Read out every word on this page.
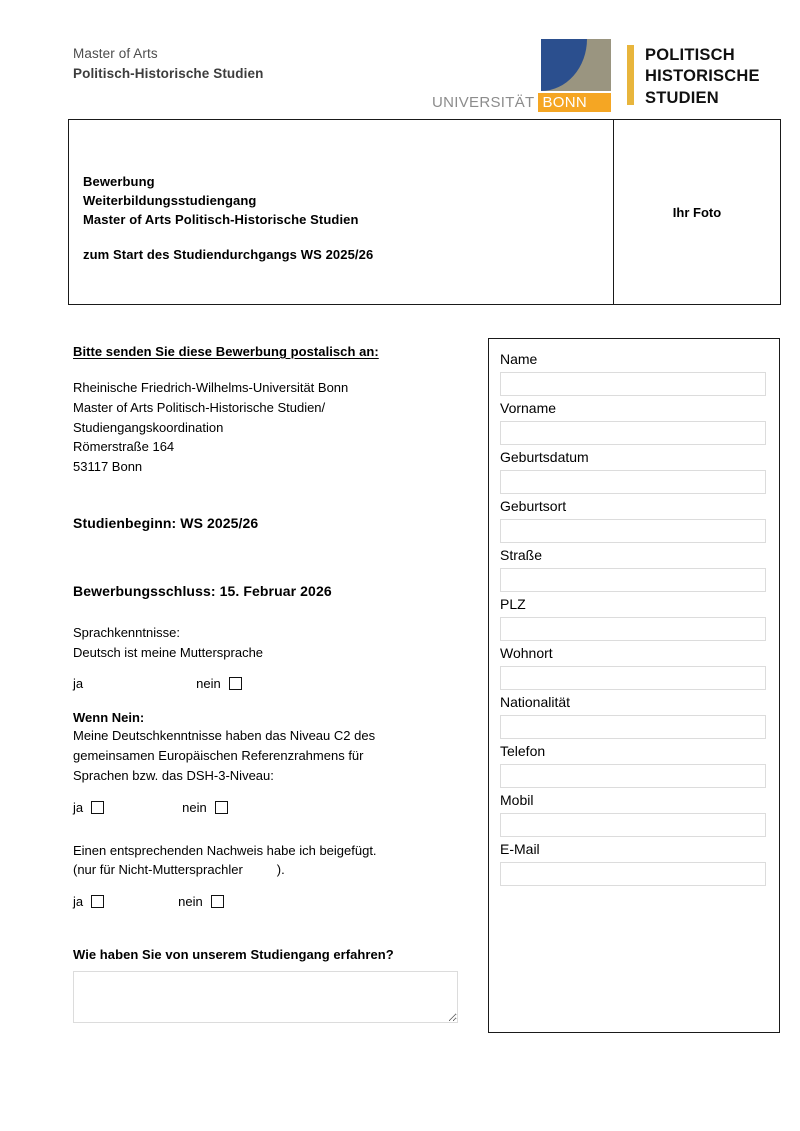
Master of Arts
Politisch-Historische Studien
UNIVERSITÄT BONN
POLITISCH
HISTORISCHE
STUDIEN
Bewerbung
Weiterbildungsstudiengang
Master of Arts Politisch-Historische Studien
zum Start des Studiendurchgangs WS 2025/26
Ihr Foto
Bitte senden Sie diese Bewerbung postalisch an:
Rheinische Friedrich-Wilhelms-Universität Bonn
Master of Arts Politisch-Historische Studien/
Studiengangskoordination
Römerstraße 164
53117 Bonn
Studienbeginn: WS 2025/26
Bewerbungsschluss: 15. Februar 2026
Sprachkenntnisse:
Deutsch ist meine Muttersprache
ja	nein
Wenn Nein:
Meine Deutschkenntnisse haben das Niveau C2 des
gemeinsamen Europäischen Referenzrahmens für
Sprachen bzw. das DSH-3-Niveau:
ja	nein
Einen entsprechenden Nachweis habe ich beigefügt.
(nur für Nicht-Muttersprachler	).
ja	nein
Wie haben Sie von unserem Studiengang erfahren?
Name
Vorname
Geburtsdatum
Geburtsort
Straße
PLZ
Wohnort
Nationalität
Telefon
Mobil
E-Mail
